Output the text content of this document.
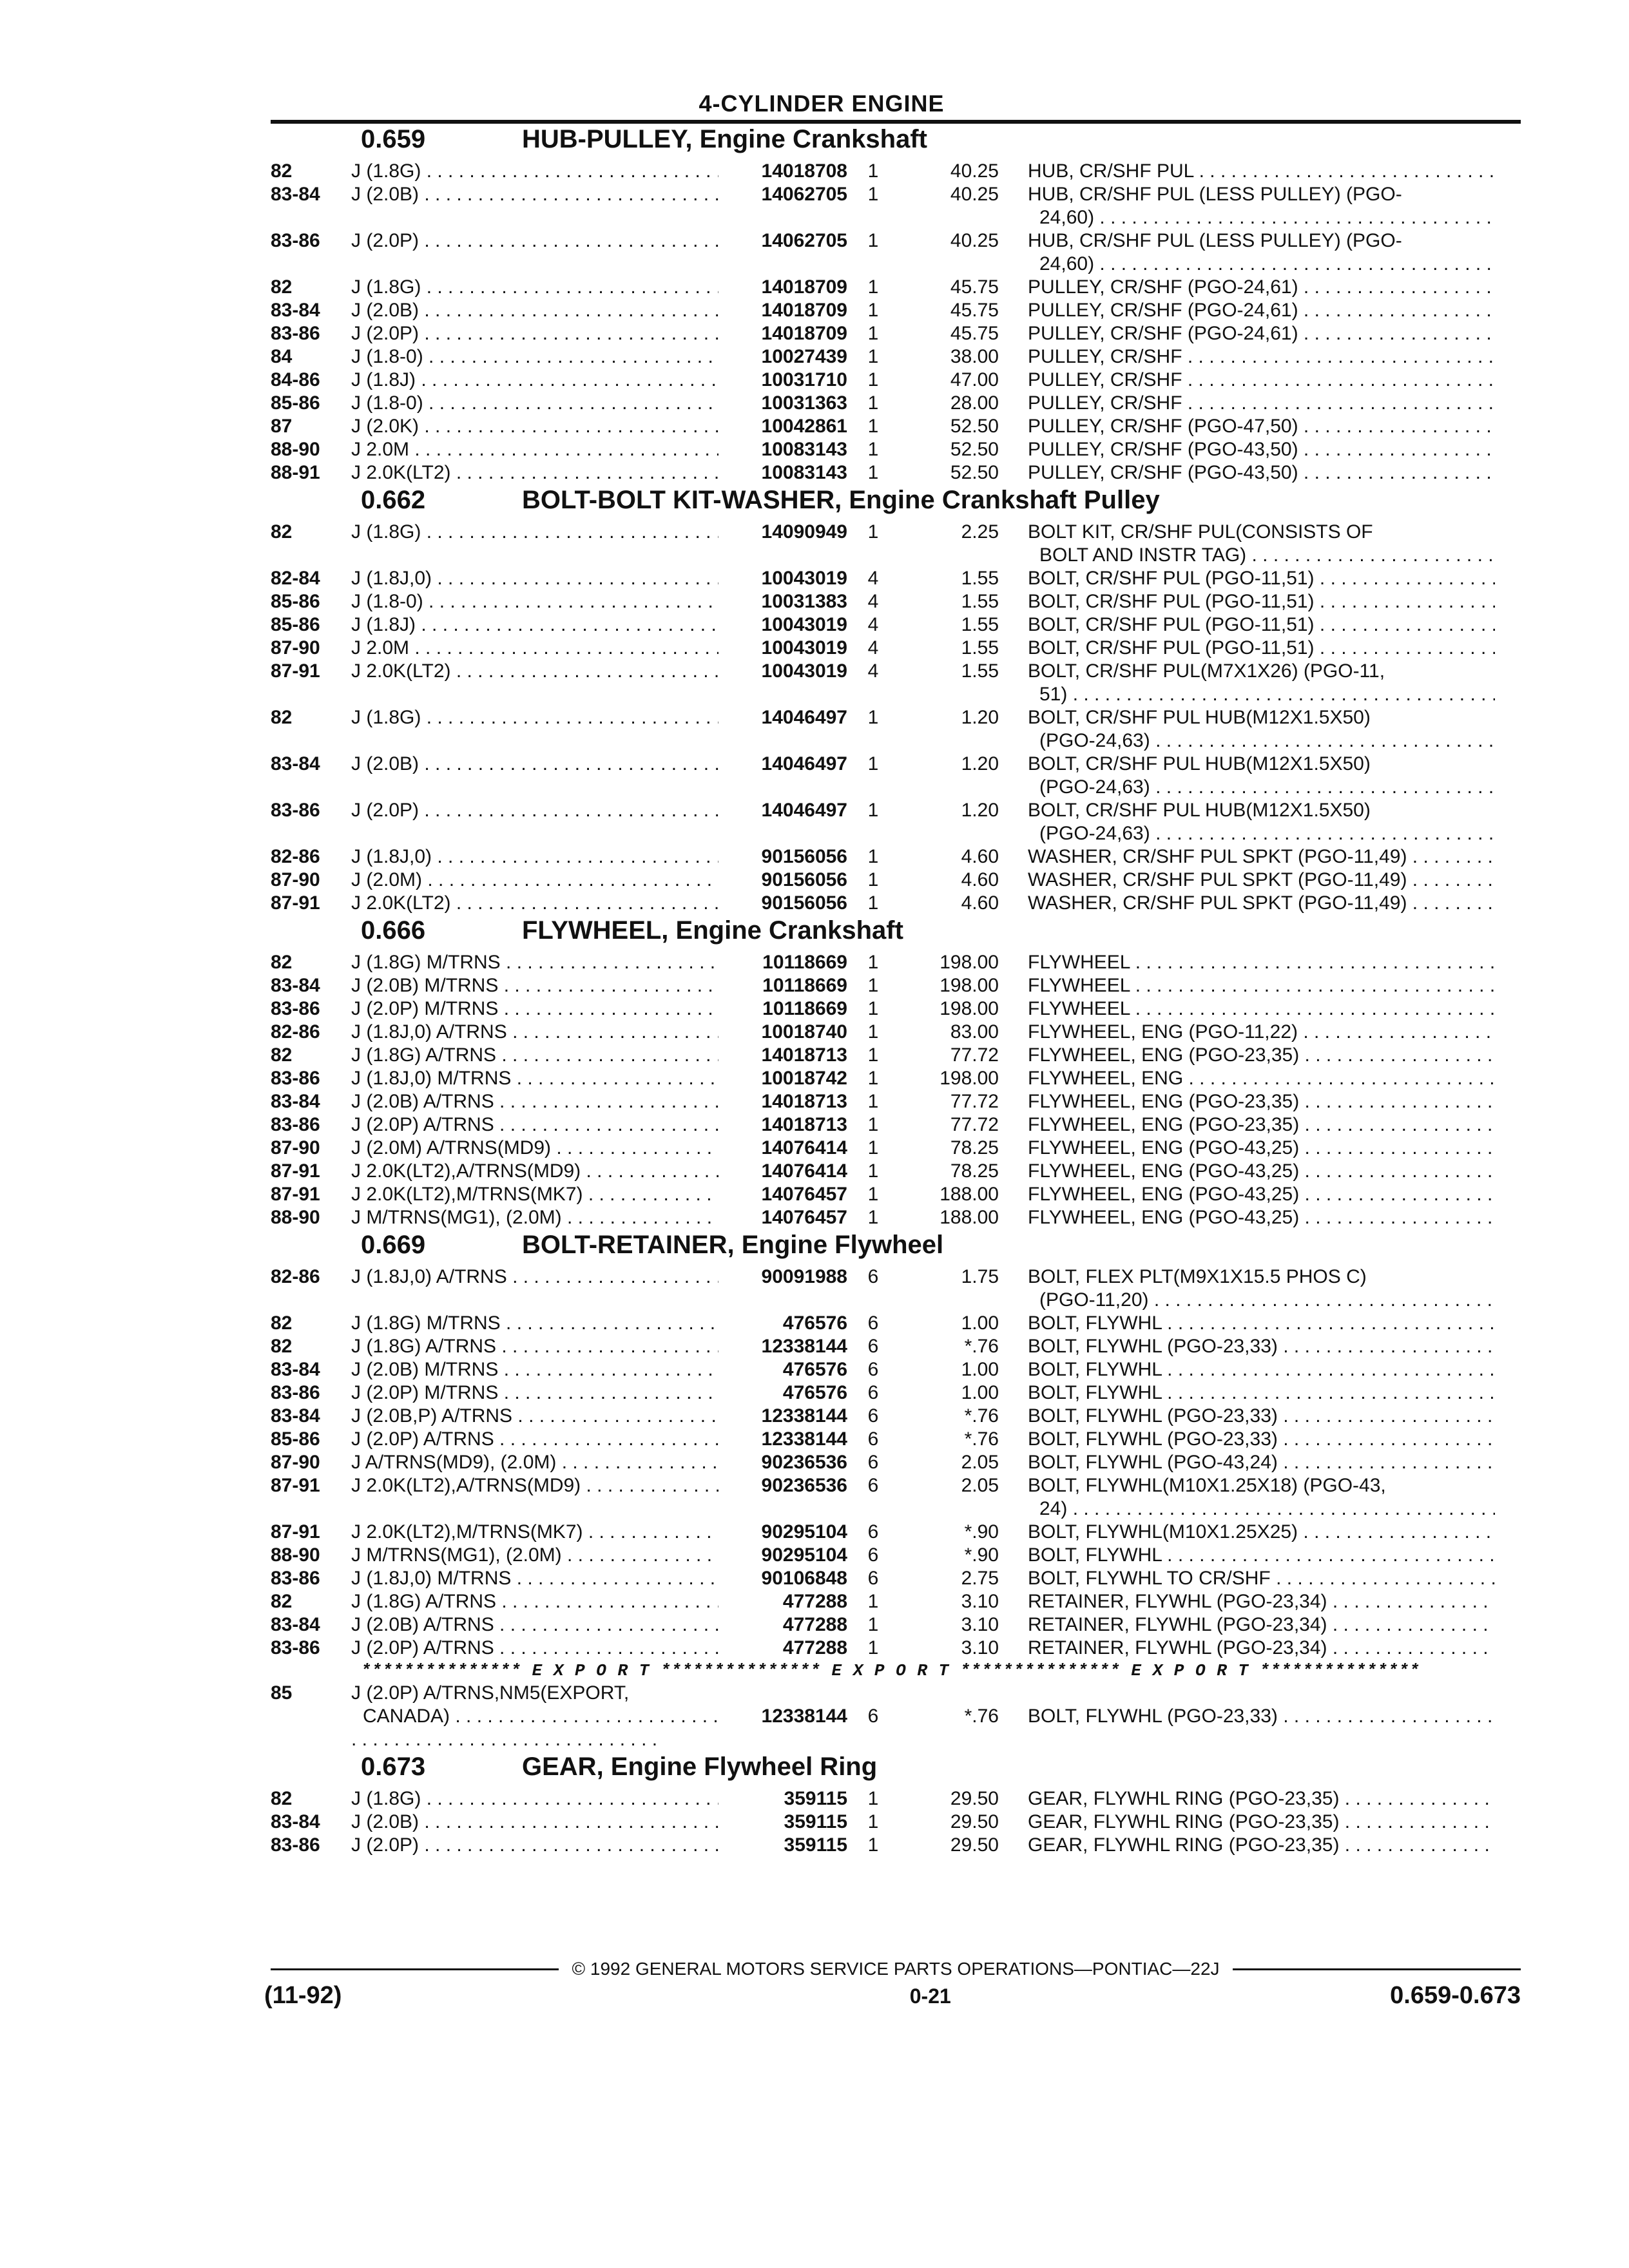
4-CYLINDER ENGINE
0.659	HUB-PULLEY, Engine Crankshaft
82	J (1.8G) . . .	14018708	1	40.25 HUB, CR/SHF PUL . . .
83-84	J (2.0B) . . .	14062705	1	40.25 HUB, CR/SHF PUL (LESS PULLEY) (PGO-
24,60) . . .
83-86	J (2.0P) . . .	14062705	1	40.25 HUB, CR/SHF PUL (LESS PULLEY) (PGO-
24,60) . . .
82	J (1.8G) . . .	14018709	1	45.75 PULLEY, CR/SHF (PGO-24,61) . . .
83-84	J (2.0B) . . .	14018709	1	45.75 PULLEY, CR/SHF (PGO-24,61) . . .
83-86	J (2.0P) . . .	14018709	1	45.75 PULLEY, CR/SHF (PGO-24,61) . . .
84	J (1.8-0) . . .	10027439	1	38.00 PULLEY, CR/SHF . . .
84-86	J (1.8J) . . .	10031710	1	47.00 PULLEY, CR/SHF . . .
85-86	J (1.8-0) . . .	10031363	1	28.00 PULLEY, CR/SHF . . .
87	J (2.0K) . . .	10042861	1	52.50 PULLEY, CR/SHF (PGO-47,50) . . .
88-90	J 2.0M . . .	10083143	1	52.50 PULLEY, CR/SHF (PGO-43,50) . . .
88-91	J 2.0K(LT2) . . .	10083143	1	52.50 PULLEY, CR/SHF (PGO-43,50) . . .
0.662	BOLT-BOLT KIT-WASHER, Engine Crankshaft Pulley
82	J (1.8G) . . .	14090949	1	2.25 BOLT KIT, CR/SHF PUL(CONSISTS OF
BOLT AND INSTR TAG) . . .
82-84	J (1.8J,0) . . .	10043019	4	1.55 BOLT, CR/SHF PUL (PGO-11,51) . . .
85-86	J (1.8-0) . . .	10031383	4	1.55 BOLT, CR/SHF PUL (PGO-11,51) . . .
85-86	J (1.8J) . . .	10043019	4	1.55 BOLT, CR/SHF PUL (PGO-11,51) . . .
87-90	J 2.0M . . .	10043019	4	1.55 BOLT, CR/SHF PUL (PGO-11,51) . . .
87-91	J 2.0K(LT2) . . .	10043019	4	1.55 BOLT, CR/SHF PUL(M7X1X26) (PGO-11,
51) . . .
82	J (1.8G) . . .	14046497	1	1.20 BOLT, CR/SHF PUL HUB(M12X1.5X50)
(PGO-24,63) . . .
83-84	J (2.0B) . . .	14046497	1	1.20 BOLT, CR/SHF PUL HUB(M12X1.5X50)
(PGO-24,63) . . .
83-86	J (2.0P) . . .	14046497	1	1.20 BOLT, CR/SHF PUL HUB(M12X1.5X50)
(PGO-24,63) . . .
82-86	J (1.8J,0) . . .	90156056	1	4.60 WASHER, CR/SHF PUL SPKT (PGO-11,49) . . .
87-90	J (2.0M) . . .	90156056	1	4.60 WASHER, CR/SHF PUL SPKT (PGO-11,49) . . .
87-91	J 2.0K(LT2) . . .	90156056	1	4.60 WASHER, CR/SHF PUL SPKT (PGO-11,49) . . .
0.666	FLYWHEEL, Engine Crankshaft
82	J (1.8G) M/TRNS . . .	10118669	1	198.00 FLYWHEEL . . .
83-84	J (2.0B) M/TRNS . . .	10118669	1	198.00 FLYWHEEL . . .
83-86	J (2.0P) M/TRNS . . .	10118669	1	198.00 FLYWHEEL . . .
82-86	J (1.8J,0) A/TRNS . . .	10018740	1	83.00 FLYWHEEL, ENG (PGO-11,22) . . .
82	J (1.8G) A/TRNS . . .	14018713	1	77.72 FLYWHEEL, ENG (PGO-23,35) . . .
83-86	J (1.8J,0) M/TRNS . . .	10018742	1	198.00 FLYWHEEL, ENG . . .
83-84	J (2.0B) A/TRNS . . .	14018713	1	77.72 FLYWHEEL, ENG (PGO-23,35) . . .
83-86	J (2.0P) A/TRNS . . .	14018713	1	77.72 FLYWHEEL, ENG (PGO-23,35) . . .
87-90	J (2.0M) A/TRNS(MD9) . . .	14076414	1	78.25 FLYWHEEL, ENG (PGO-43,25) . . .
87-91	J 2.0K(LT2),A/TRNS(MD9) . . .	14076414	1	78.25 FLYWHEEL, ENG (PGO-43,25) . . .
87-91	J 2.0K(LT2),M/TRNS(MK7) . . .	14076457	1	188.00 FLYWHEEL, ENG (PGO-43,25) . . .
88-90	J M/TRNS(MG1), (2.0M) . . .	14076457	1	188.00 FLYWHEEL, ENG (PGO-43,25) . . .
0.669	BOLT-RETAINER, Engine Flywheel
82-86	J (1.8J,0) A/TRNS . . .	90091988	6	1.75 BOLT, FLEX PLT(M9X1X15.5 PHOS C)
(PGO-11,20) . . .
82	J (1.8G) M/TRNS . . .	476576	6	1.00 BOLT, FLYWHL . . .
82	J (1.8G) A/TRNS . . .	12338144	6	*.76 BOLT, FLYWHL (PGO-23,33) . . .
83-84	J (2.0B) M/TRNS . . .	476576	6	1.00 BOLT, FLYWHL . . .
83-86	J (2.0P) M/TRNS . . .	476576	6	1.00 BOLT, FLYWHL . . .
83-84	J (2.0B,P) A/TRNS . . .	12338144	6	*.76 BOLT, FLYWHL (PGO-23,33) . . .
85-86	J (2.0P) A/TRNS . . .	12338144	6	*.76 BOLT, FLYWHL (PGO-23,33) . . .
87-90	J A/TRNS(MD9), (2.0M) . . .	90236536	6	2.05 BOLT, FLYWHL (PGO-43,24) . . .
87-91	J 2.0K(LT2),A/TRNS(MD9) . . .	90236536	6	2.05 BOLT, FLYWHL(M10X1.25X18) (PGO-43,
24) . . .
87-91	J 2.0K(LT2),M/TRNS(MK7) . . .	90295104	6	*.90 BOLT, FLYWHL(M10X1.25X25) . . .
88-90	J M/TRNS(MG1), (2.0M) . . .	90295104	6	*.90 BOLT, FLYWHL . . .
83-86	J (1.8J,0) M/TRNS . . .	90106848	6	2.75 BOLT, FLYWHL TO CR/SHF . . .
82	J (1.8G) A/TRNS . . .	477288	1	3.10 RETAINER, FLYWHL (PGO-23,34) . . .
83-84	J (2.0B) A/TRNS . . .	477288	1	3.10 RETAINER, FLYWHL (PGO-23,34) . . .
83-86	J (2.0P) A/TRNS . . .	477288	1	3.10 RETAINER, FLYWHL (PGO-23,34) . . .
*************** E X P O R T *************** E X P O R T *************** E X P O R T ***************
85	J (2.0P) A/TRNS,NM5(EXPORT,
CANADA) . . .	12338144	6	*.76 BOLT, FLYWHL (PGO-23,33) . . .
0.673	GEAR, Engine Flywheel Ring
82	J (1.8G) . . .	359115	1	29.50 GEAR, FLYWHL RING (PGO-23,35) . . .
83-84	J (2.0B) . . .	359115	1	29.50 GEAR, FLYWHL RING (PGO-23,35) . . .
83-86	J (2.0P) . . .	359115	1	29.50 GEAR, FLYWHL RING (PGO-23,35) . . .
© 1992 GENERAL MOTORS SERVICE PARTS OPERATIONS—PONTIAC—22J
(11-92)	0-21	0.659-0.673
